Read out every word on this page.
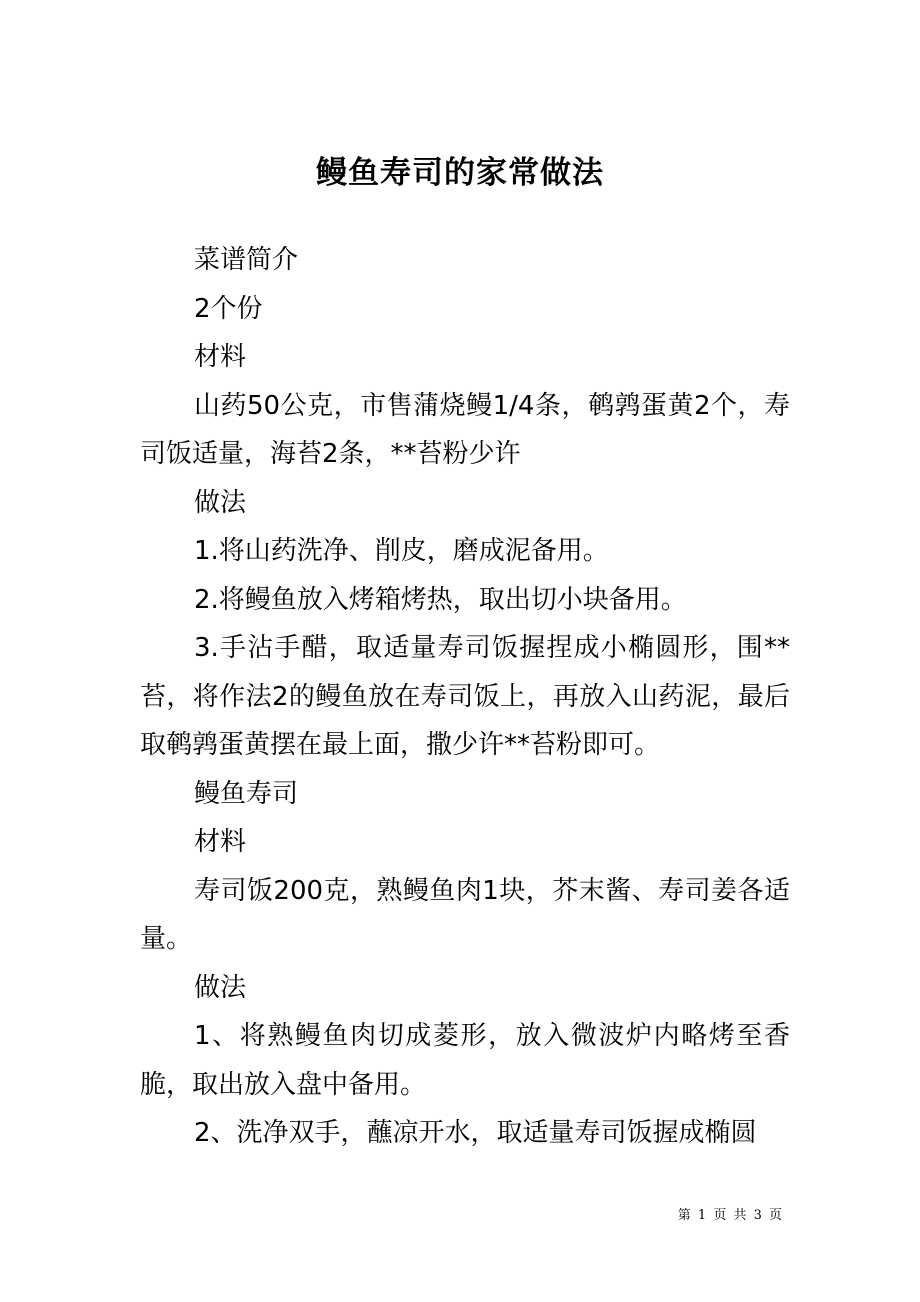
鳗鱼寿司的家常做法

菜谱简介

2个份

材料

山药50公克，市售蒲烧鳗1/4条，鹌鹑蛋黄2个，寿司饭适量，海苔2条，**苔粉少许

做法

1.将山药洗净、削皮，磨成泥备用。

2.将鳗鱼放入烤箱烤热，取出切小块备用。

3.手沾手醋，取适量寿司饭握捏成小椭圆形，围**苔，将作法2的鳗鱼放在寿司饭上，再放入山药泥，最后取鹌鹑蛋黄摆在最上面，撒少许**苔粉即可。

鳗鱼寿司

材料

寿司饭200克，熟鳗鱼肉1块，芥末酱、寿司姜各适量。

做法

1、将熟鳗鱼肉切成菱形，放入微波炉内略烤至香脆，取出放入盘中备用。

2、洗净双手，蘸凉开水，取适量寿司饭握成椭圆

第 1 页 共 3 页
